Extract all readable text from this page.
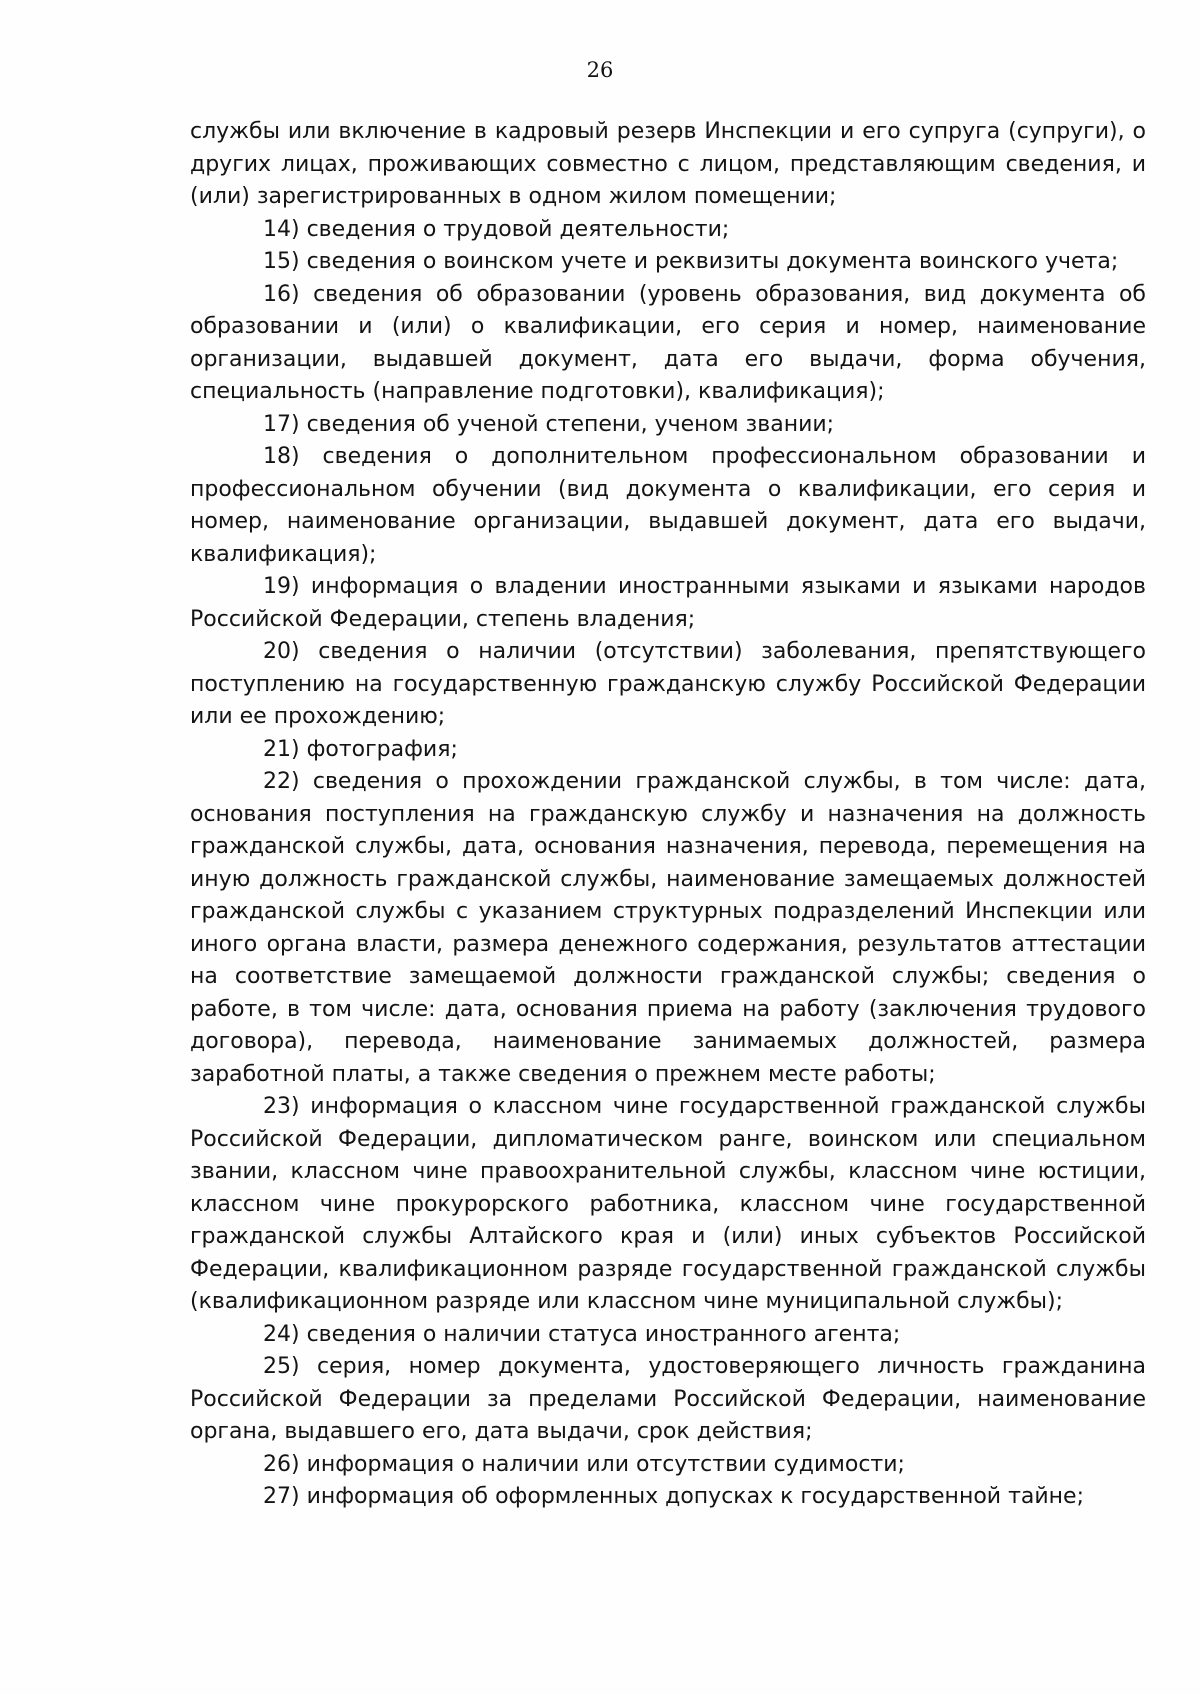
26

службы или включение в кадровый резерв Инспекции и его супруга (супруги), о других лицах, проживающих совместно с лицом, представляющим сведения, и (или) зарегистрированных в одном жилом помещении;

14) сведения о трудовой деятельности;

15) сведения о воинском учете и реквизиты документа воинского учета;

16) сведения об образовании (уровень образования, вид документа об образовании и (или) о квалификации, его серия и номер, наименование организации, выдавшей документ, дата его выдачи, форма обучения, специальность (направление подготовки), квалификация);

17) сведения об ученой степени, ученом звании;

18) сведения о дополнительном профессиональном образовании и профессиональном обучении (вид документа о квалификации, его серия и номер, наименование организации, выдавшей документ, дата его выдачи, квалификация);

19) информация о владении иностранными языками и языками народов Российской Федерации, степень владения;

20) сведения о наличии (отсутствии) заболевания, препятствующего поступлению на государственную гражданскую службу Российской Федерации или ее прохождению;

21) фотография;

22) сведения о прохождении гражданской службы, в том числе: дата, основания поступления на гражданскую службу и назначения на должность гражданской службы, дата, основания назначения, перевода, перемещения на иную должность гражданской службы, наименование замещаемых должностей гражданской службы с указанием структурных подразделений Инспекции или иного органа власти, размера денежного содержания, результатов аттестации на соответствие замещаемой должности гражданской службы; сведения о работе, в том числе: дата, основания приема на работу (заключения трудового договора), перевода, наименование занимаемых должностей, размера заработной платы, а также сведения о прежнем месте работы;

23) информация о классном чине государственной гражданской службы Российской Федерации, дипломатическом ранге, воинском или специальном звании, классном чине правоохранительной службы, классном чине юстиции, классном чине прокурорского работника, классном чине государственной гражданской службы Алтайского края и (или) иных субъектов Российской Федерации, квалификационном разряде государственной гражданской службы (квалификационном разряде или классном чине муниципальной службы);

24) сведения о наличии статуса иностранного агента;

25) серия, номер документа, удостоверяющего личность гражданина Российской Федерации за пределами Российской Федерации, наименование органа, выдавшего его, дата выдачи, срок действия;

26) информация о наличии или отсутствии судимости;

27) информация об оформленных допусках к государственной тайне;
